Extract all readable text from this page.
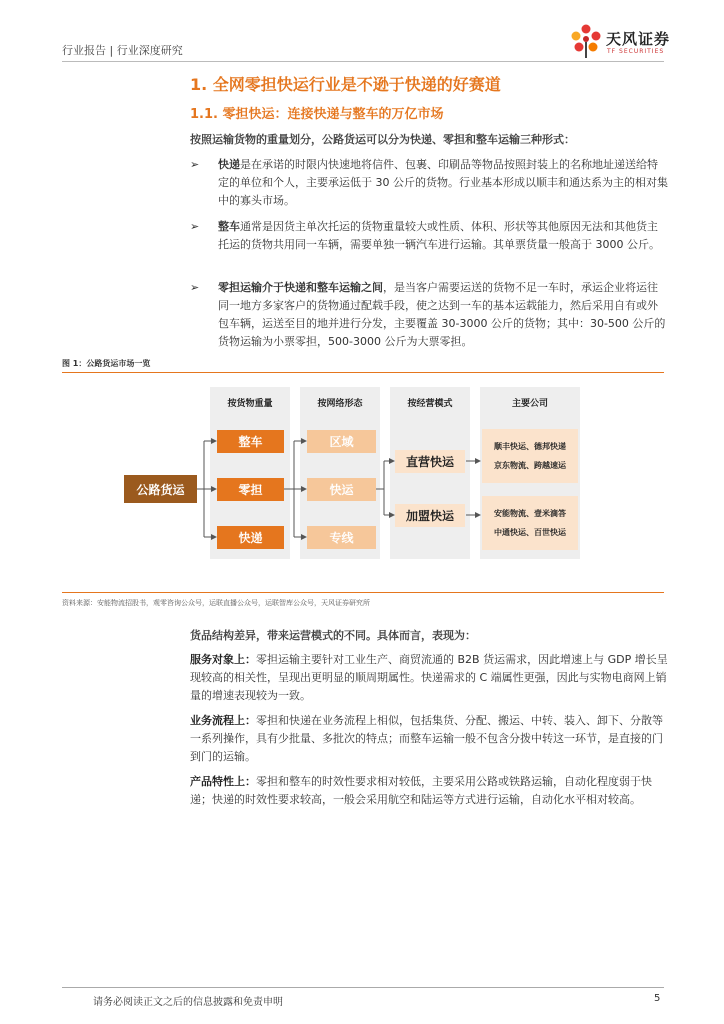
行业报告 | 行业深度研究
天风证券
TF SECURITIES
1. 全网零担快运行业是不逊于快递的好赛道
1.1. 零担快运：连接快递与整车的万亿市场
按照运输货物的重量划分，公路货运可以分为快递、零担和整车运输三种形式：
➢	快递是在承诺的时限内快速地将信件、包裹、印刷品等物品按照封装上的名称地址递送给特定的单位和个人，主要承运低于 30 公斤的货物。行业基本形成以顺丰和通达系为主的相对集中的寡头市场。
➢	整车通常是因货主单次托运的货物重量较大或性质、体积、形状等其他原因无法和其他货主托运的货物共用同一车辆，需要单独一辆汽车进行运输。其单票货量一般高于 3000 公斤。
➢	零担运输介于快递和整车运输之间，是当客户需要运送的货物不足一车时，承运企业将运往同一地方多家客户的货物通过配载手段，使之达到一车的基本运载能力，然后采用自有或外包车辆，运送至目的地并进行分发，主要覆盖 30-3000 公斤的货物；其中：30-500 公斤的货物运输为小票零担，500-3000 公斤为大票零担。
图 1：公路货运市场一览
按货物重量	按网络形态	按经营模式	主要公司
公路货运
整车
零担
快递
区域
快运
专线
直营快运
加盟快运
顺丰快运、德邦快递
京东物流、跨越速运
安能物流、壹米滴答
中通快运、百世快运
资料来源：安能物流招股书，观零咨询公众号，运联直播公众号，运联智库公众号，天风证券研究所
货品结构差异，带来运营模式的不同。具体而言，表现为：
服务对象上：零担运输主要针对工业生产、商贸流通的 B2B 货运需求，因此增速上与 GDP 增长呈现较高的相关性，呈现出更明显的顺周期属性。快递需求的 C 端属性更强，因此与实物电商网上销量的增速表现较为一致。
业务流程上：零担和快递在业务流程上相似，包括集货、分配、搬运、中转、装入、卸下、分散等一系列操作，具有少批量、多批次的特点；而整车运输一般不包含分拨中转这一环节，是直接的门到门的运输。
产品特性上：零担和整车的时效性要求相对较低，主要采用公路或铁路运输，自动化程度弱于快递；快递的时效性要求较高，一般会采用航空和陆运等方式进行运输，自动化水平相对较高。
请务必阅读正文之后的信息披露和免责申明	5
